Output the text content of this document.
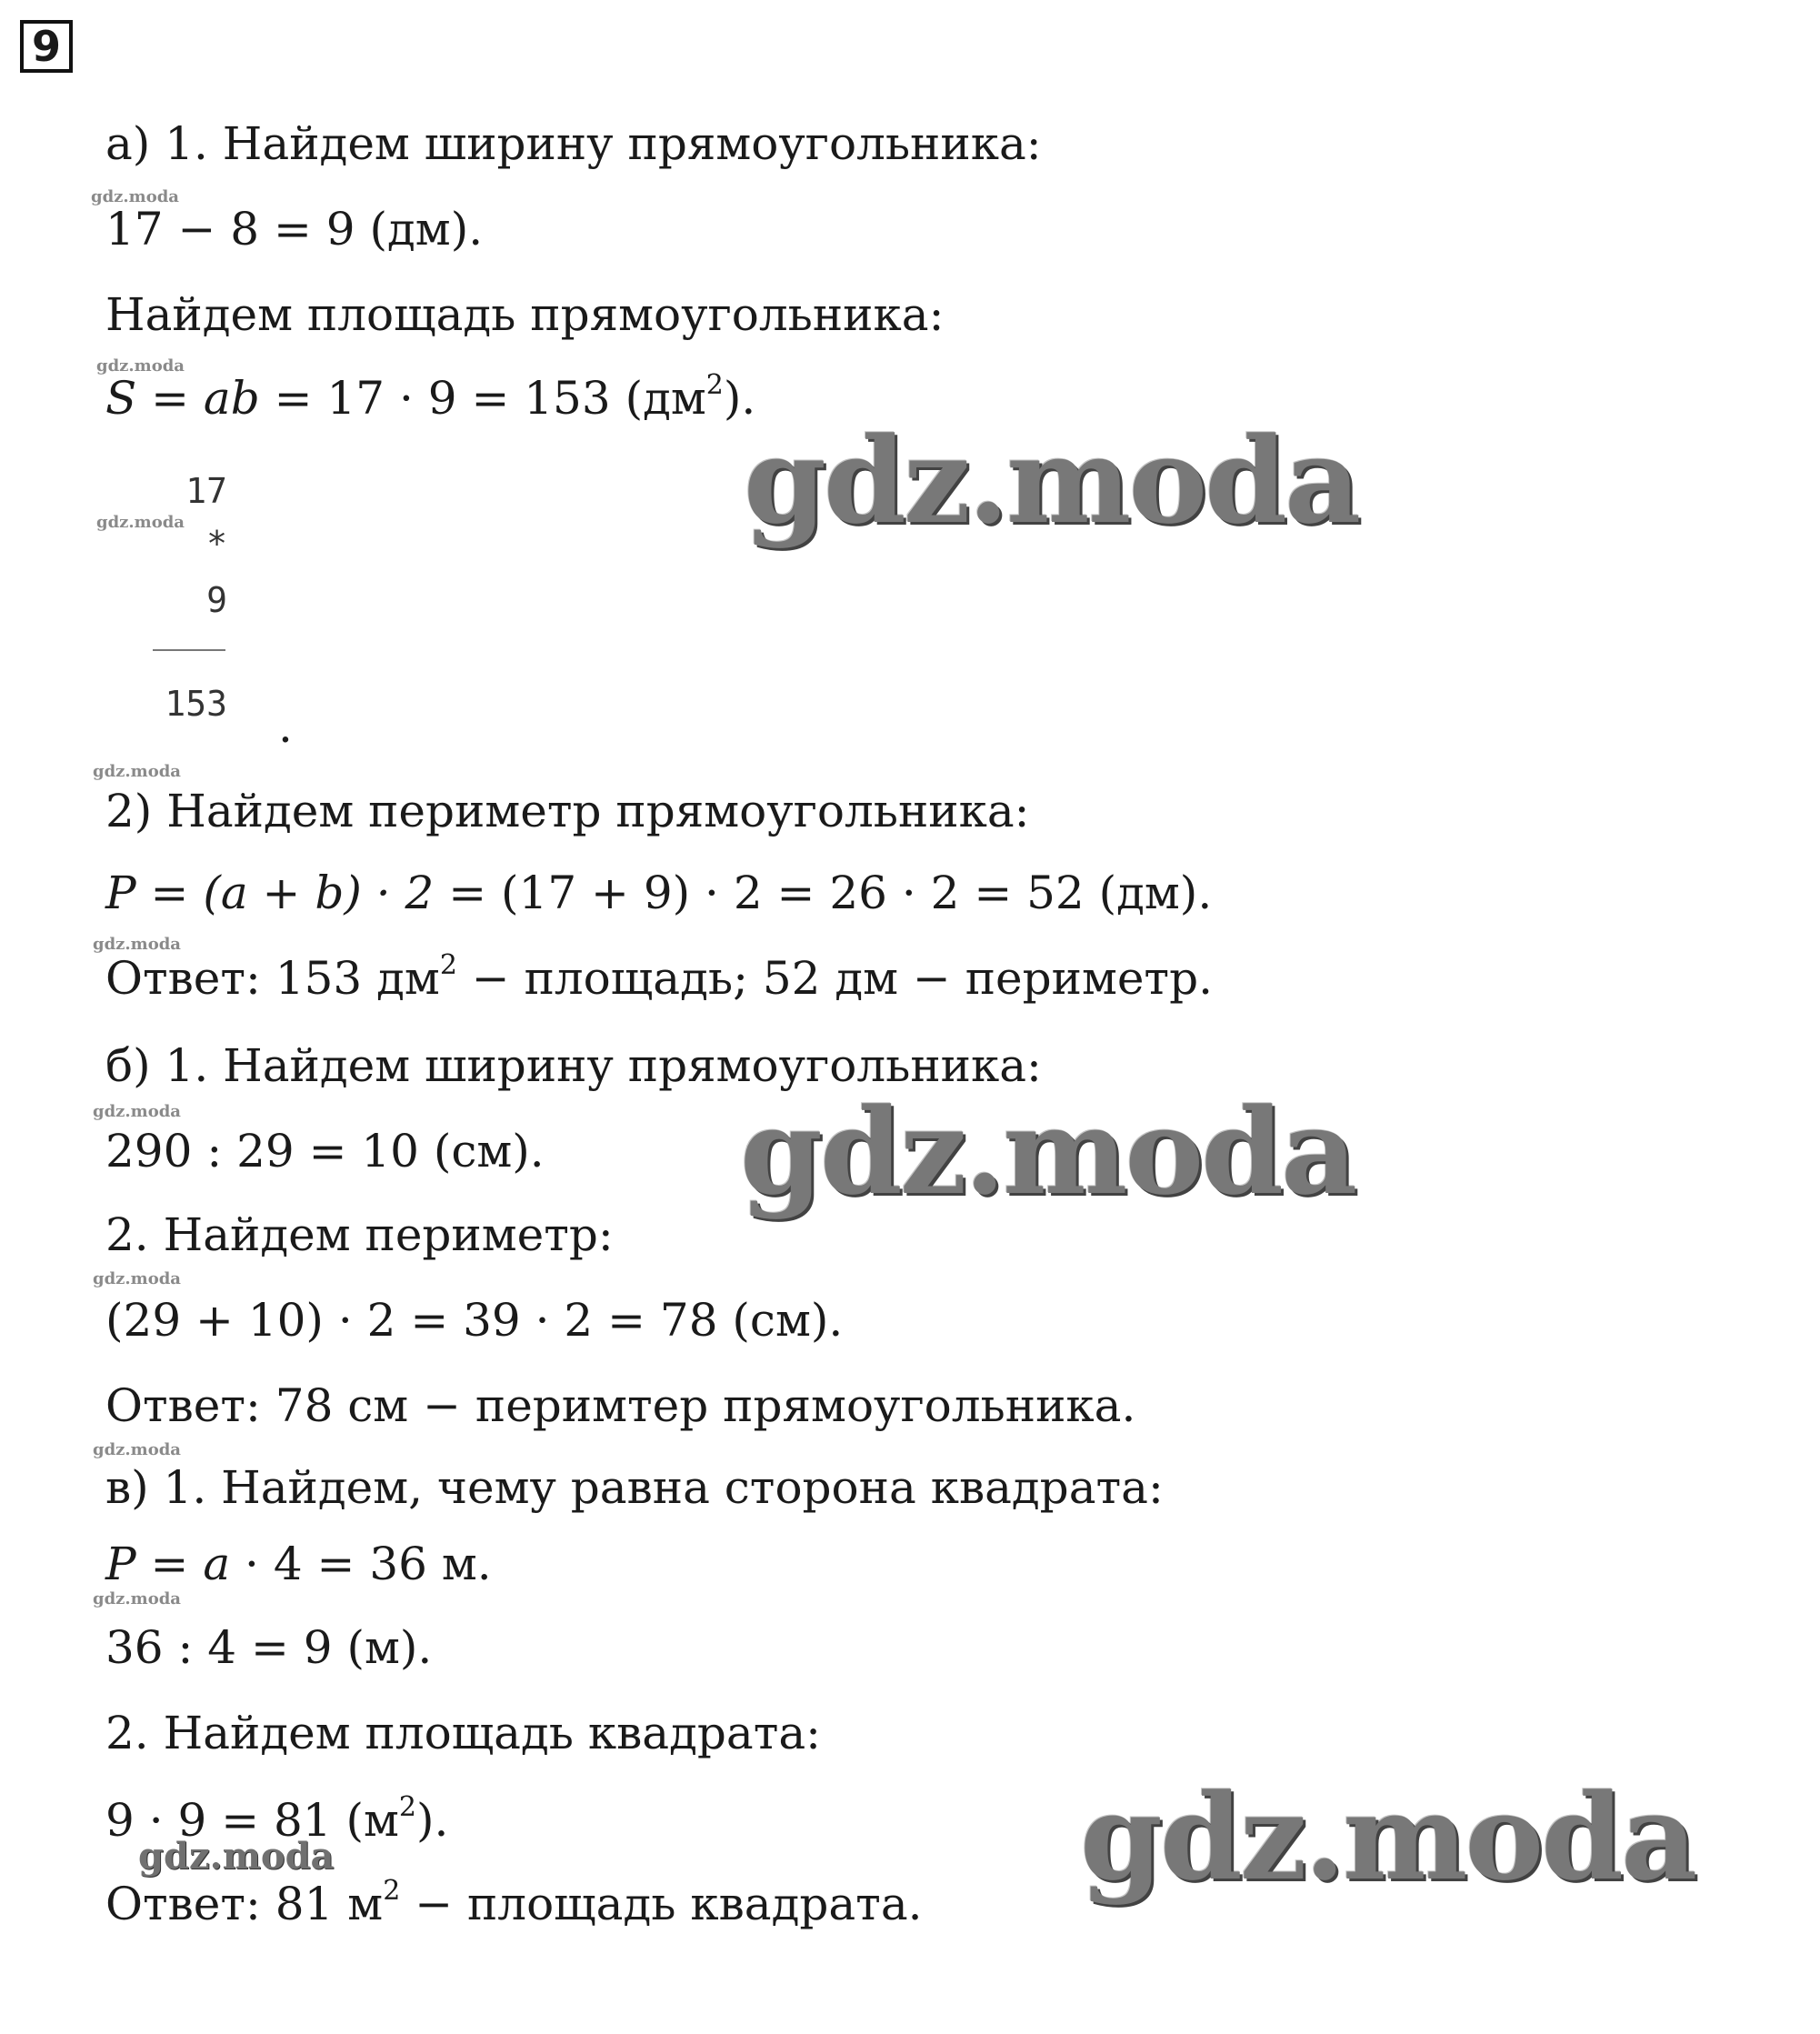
9
а) 1. Найдем ширину прямоугольника:
17 − 8 = 9 (дм).
Найдем площадь прямоугольника:
S = ab = 17 · 9 = 153 $(дм^2)$.
17
*
9
153 .
2) Найдем периметр прямоугольника:
P = (a + b) · 2 = (17 + 9) · 2 = 26 · 2 = 52 (дм).
Ответ: 153 $дм^2$ − площадь; 52 дм − периметр.
б) 1. Найдем ширину прямоугольника:
290 : 29 = 10 (см).
2. Найдем периметр:
(29 + 10) · 2 = 39 · 2 = 78 (см).
Ответ: 78 см − перимтер прямоугольника.
в) 1. Найдем, чему равна сторона квадрата:
P = a · 4 = 36 м.
36 : 4 = 9 (м).
2. Найдем площадь квадрата:
9 · 9 = 81 $(м^2)$.
Ответ: 81 $м^2$ − площадь квадрата.
gdz.moda
gdz.moda
gdz.moda
gdz.moda
gdz.moda
gdz.moda
gdz.moda
gdz.moda
gdz.moda
gdz.moda
gdz.moda
gdz.moda
gdz.moda
